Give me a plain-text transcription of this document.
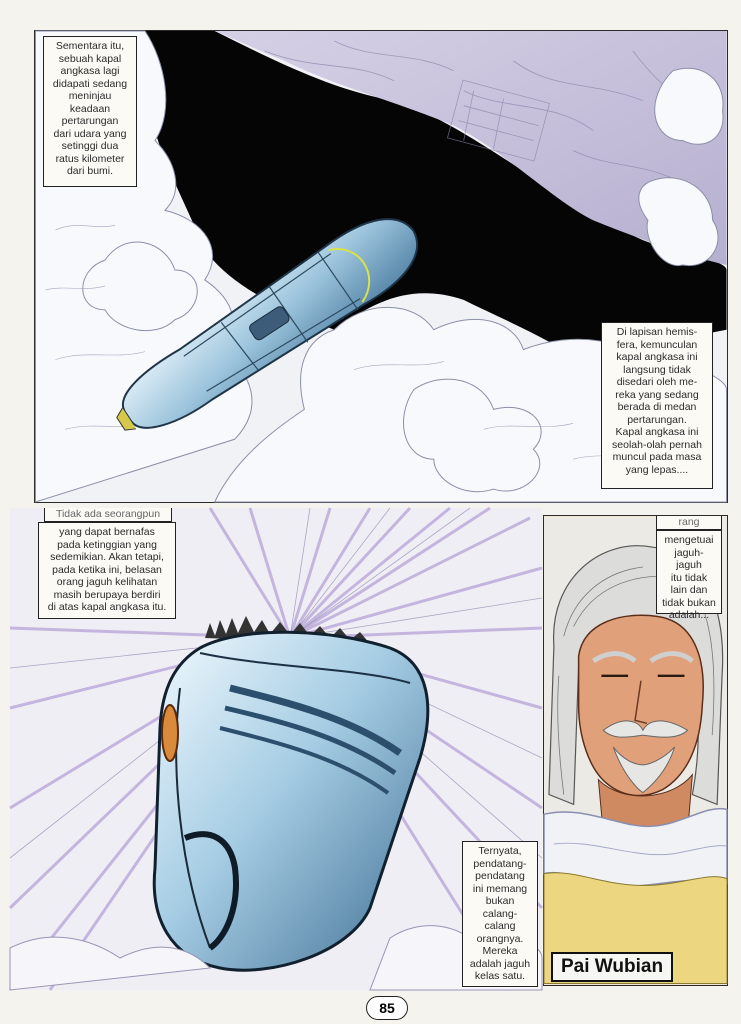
Sementara itu,
sebuah kapal
angkasa lagi
didapati sedang
meninjau
keadaan
pertarungan
dari udara yang
setinggi dua
ratus kilometer
dari bumi.
Di lapisan hemis-
fera, kemunculan
kapal angkasa ini
langsung tidak
disedari oleh me-
reka yang sedang
berada di medan
pertarungan.
Kapal angkasa ini
seolah-olah pernah
muncul pada masa
yang lepas....
Tidak ada seorangpun
yang dapat bernafas
pada ketinggian yang
sedemikian. Akan tetapi,
pada ketika ini, belasan
orang jaguh kelihatan
masih berupaya berdiri
di atas kapal angkasa itu.
rang
mengetuai
jaguh-jaguh
itu tidak
lain dan
tidak bukan
adalah...
Ternyata,
pendatang-
pendatang
ini memang
bukan
calang-
calang
orangnya.
Mereka
adalah jaguh
kelas satu.	Pai Wubian
85
